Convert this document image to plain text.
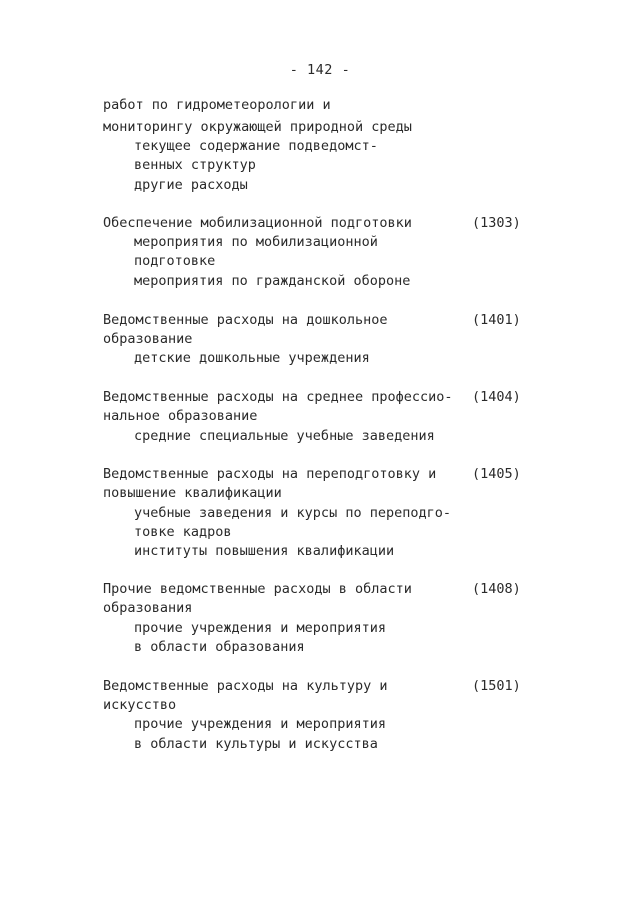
- 142 -
работ по гидрометеорологии и
мониторингу окружающей природной среды
текущее содержание подведомст-
венных структур
другие расходы
Обеспечение мобилизационной подготовки	(1303)
мероприятия по мобилизационной
подготовке
мероприятия по гражданской обороне
Ведомственные расходы на дошкольное	(1401)
образование
детские дошкольные учреждения
Ведомственные расходы на среднее профессио- (1404)
нальное образование
средние специальные учебные заведения
Ведомственные расходы на переподготовку и	(1405)
повышение квалификации
учебные заведения и курсы по переподго-
товке кадров
институты повышения квалификации
Прочие ведомственные расходы в области	(1408)
образования
прочие учреждения и мероприятия
в области образования
Ведомственные расходы на культуру и	(1501)
искусство
прочие учреждения и мероприятия
в области культуры и искусства
